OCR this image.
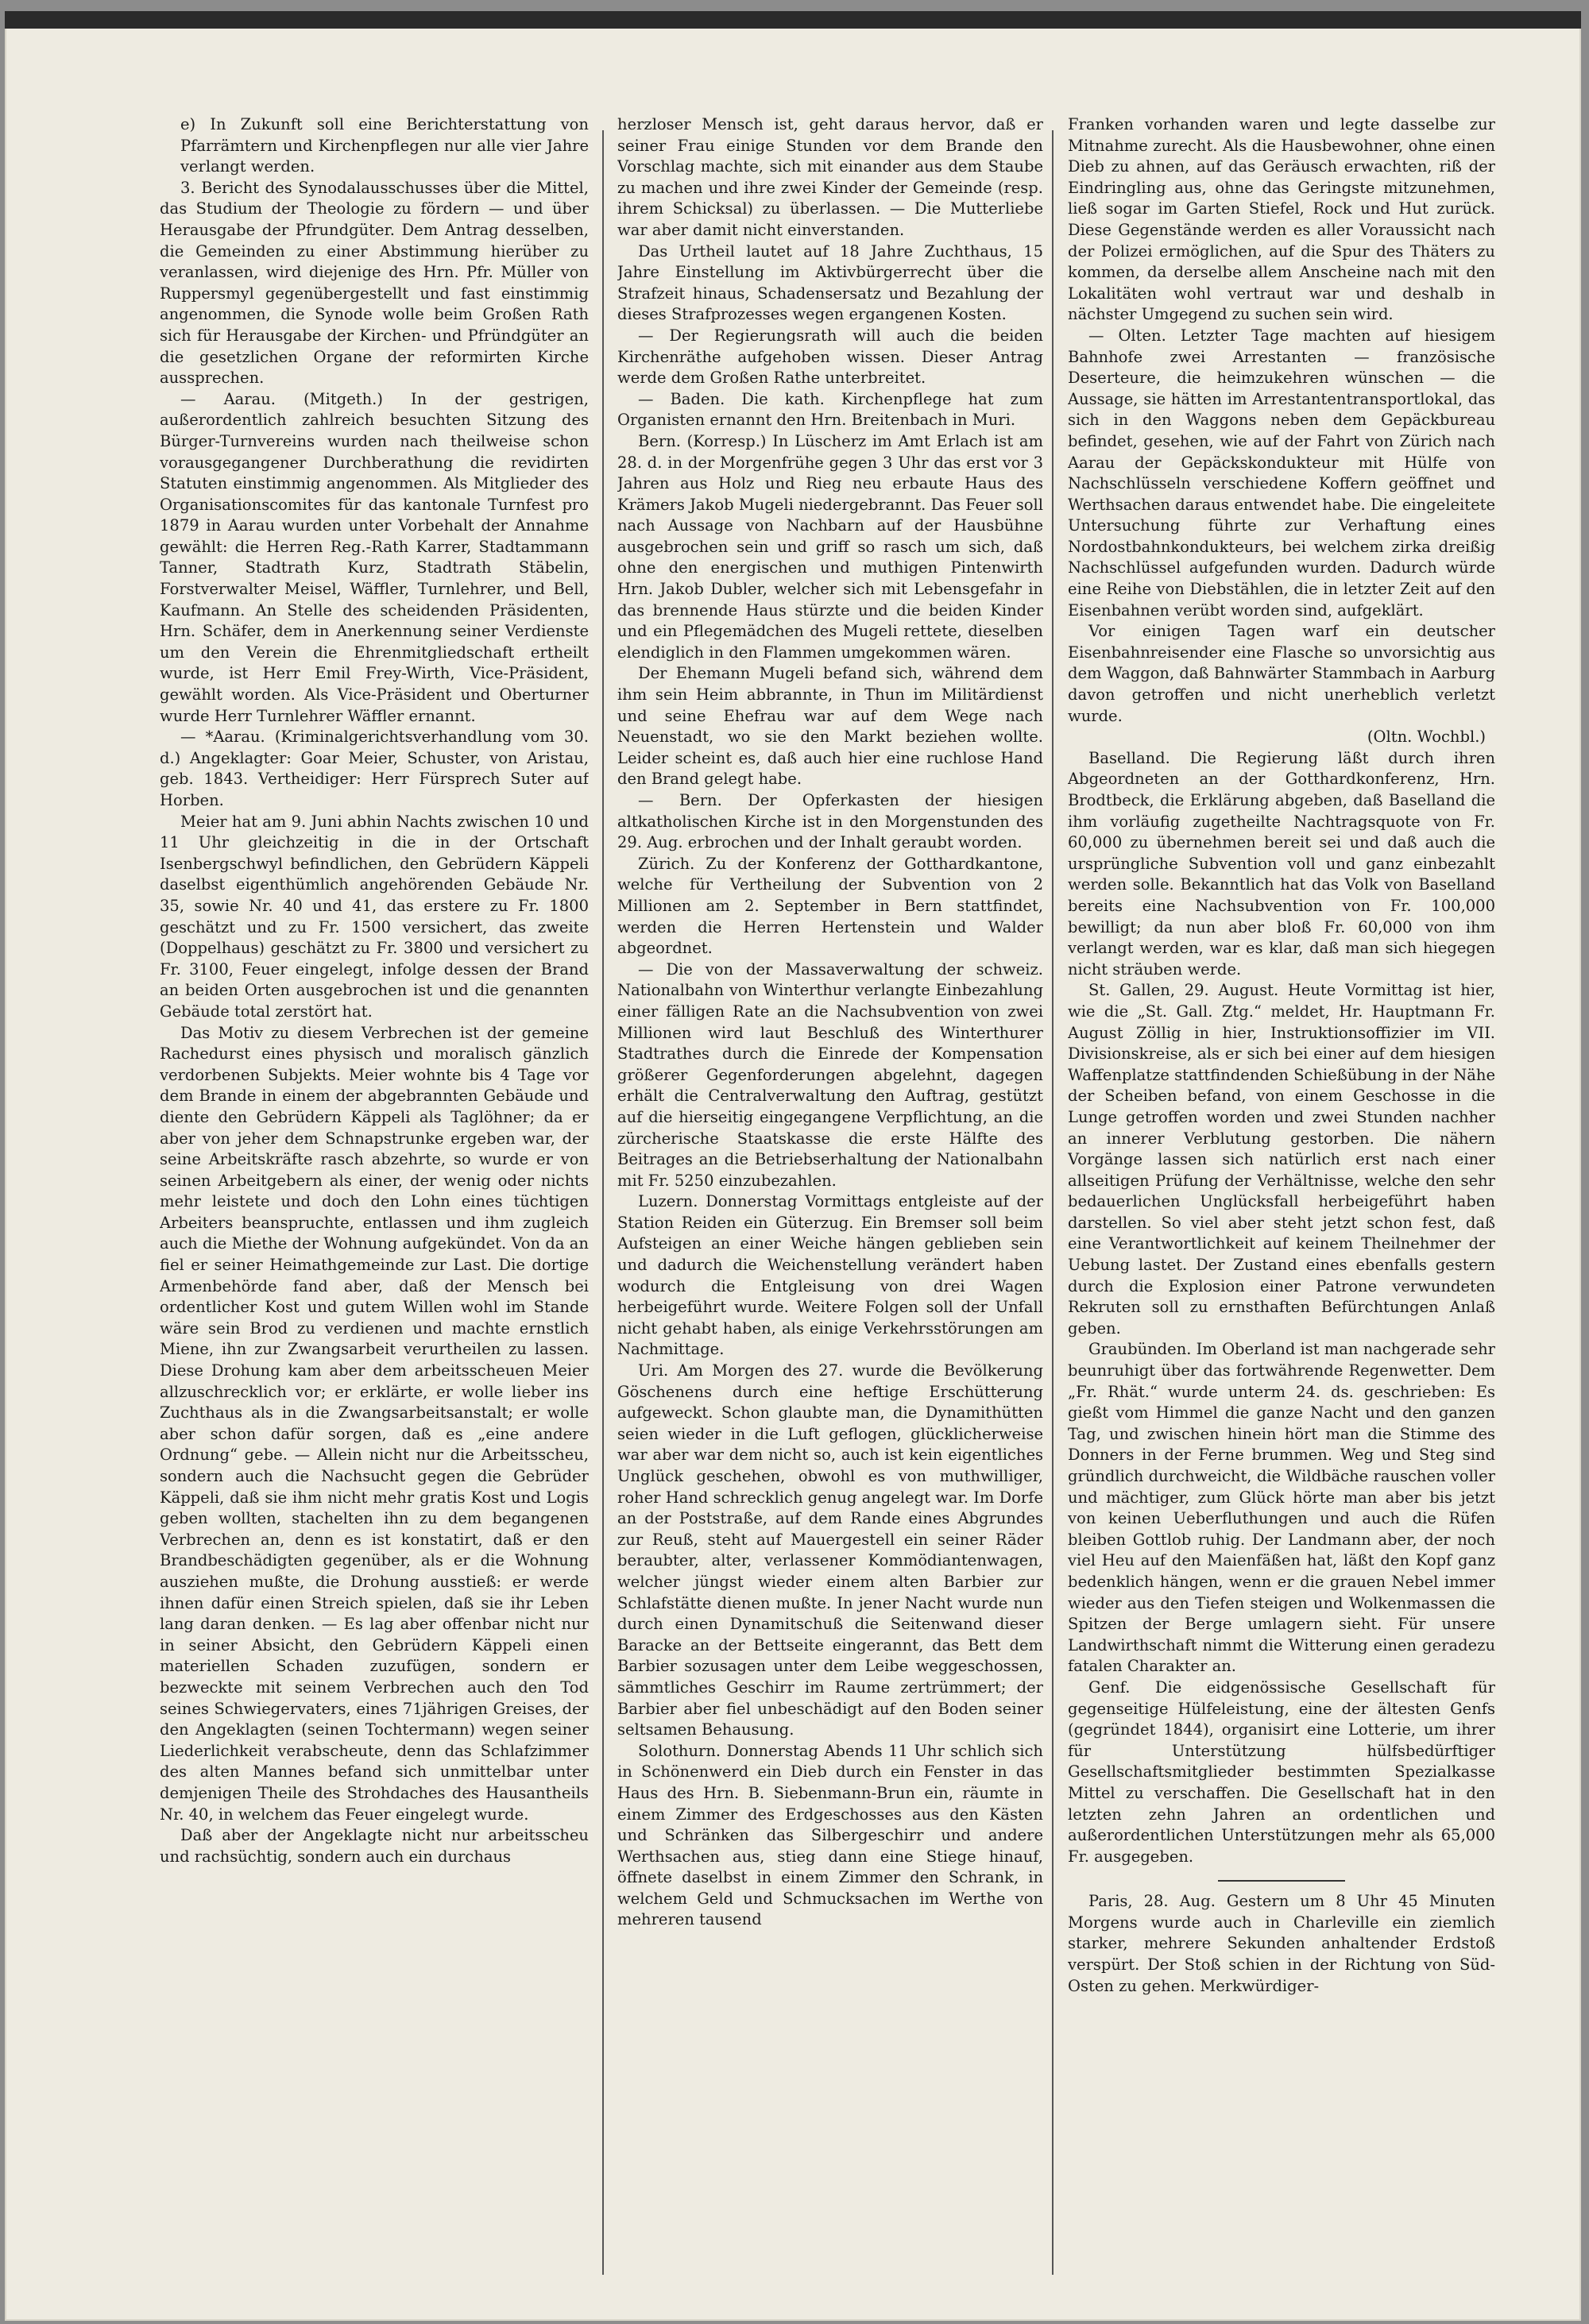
e) In Zukunft soll eine Berichterstattung von Pfarrämtern und Kirchenpflegen nur alle vier Jahre verlangt werden.

3. Bericht des Synodalausschusses über die Mittel, das Studium der Theologie zu fördern — und über Herausgabe der Pfrundgüter. Dem Antrag desselben, die Gemeinden zu einer Abstimmung hierüber zu veranlassen, wird diejenige des Hrn. Pfr. Müller von Ruppersmyl gegenübergestellt und fast einstimmig angenommen, die Synode wolle beim Großen Rath sich für Herausgabe der Kirchen- und Pfründgüter an die gesetzlichen Organe der reformirten Kirche aussprechen.

— Aarau. (Mitgeth.) In der gestrigen, außerordentlich zahlreich besuchten Sitzung des Bürger-Turnvereins wurden nach theilweise schon vorausgegangener Durchberathung die revidirten Statuten einstimmig angenommen. Als Mitglieder des Organisationscomites für das kantonale Turnfest pro 1879 in Aarau wurden unter Vorbehalt der Annahme gewählt: die Herren Reg.-Rath Karrer, Stadtammann Tanner, Stadtrath Kurz, Stadtrath Stäbelin, Forstverwalter Meisel, Wäffler, Turnlehrer, und Bell, Kaufmann. An Stelle des scheidenden Präsidenten, Hrn. Schäfer, dem in Anerkennung seiner Verdienste um den Verein die Ehrenmitgliedschaft ertheilt wurde, ist Herr Emil Frey-Wirth, Vice-Präsident, gewählt worden. Als Vice-Präsident und Oberturner wurde Herr Turnlehrer Wäffler ernannt.

— *Aarau. (Kriminalgerichtsverhandlung vom 30. d.) Angeklagter: Goar Meier, Schuster, von Aristau, geb. 1843. Vertheidiger: Herr Fürsprech Suter auf Horben.

Meier hat am 9. Juni abhin Nachts zwischen 10 und 11 Uhr gleichzeitig in die in der Ortschaft Isenbergschwyl befindlichen, den Gebrüdern Käppeli daselbst eigenthümlich angehörenden Gebäude Nr. 35, sowie Nr. 40 und 41, das erstere zu Fr. 1800 geschätzt und zu Fr. 1500 versichert, das zweite (Doppelhaus) geschätzt zu Fr. 3800 und versichert zu Fr. 3100, Feuer eingelegt, infolge dessen der Brand an beiden Orten ausgebrochen ist und die genannten Gebäude total zerstört hat.

Das Motiv zu diesem Verbrechen ist der gemeine Rachedurst eines physisch und moralisch gänzlich verdorbenen Subjekts. Meier wohnte bis 4 Tage vor dem Brande in einem der abgebrannten Gebäude und diente den Gebrüdern Käppeli als Taglöhner; da er aber von jeher dem Schnapstrunke ergeben war, der seine Arbeitskräfte rasch abzehrte, so wurde er von seinen Arbeitgebern als einer, der wenig oder nichts mehr leistete und doch den Lohn eines tüchtigen Arbeiters beanspruchte, entlassen und ihm zugleich auch die Miethe der Wohnung aufgekündet. Von da an fiel er seiner Heimathgemeinde zur Last. Die dortige Armenbehörde fand aber, daß der Mensch bei ordentlicher Kost und gutem Willen wohl im Stande wäre sein Brod zu verdienen und machte ernstlich Miene, ihn zur Zwangsarbeit verurtheilen zu lassen. Diese Drohung kam aber dem arbeitsscheuen Meier allzuschrecklich vor; er erklärte, er wolle lieber ins Zuchthaus als in die Zwangsarbeitsanstalt; er wolle aber schon dafür sorgen, daß es „eine andere Ordnung“ gebe. — Allein nicht nur die Arbeitsscheu, sondern auch die Nachsucht gegen die Gebrüder Käppeli, daß sie ihm nicht mehr gratis Kost und Logis geben wollten, stachelten ihn zu dem begangenen Verbrechen an, denn es ist konstatirt, daß er den Brandbeschädigten gegenüber, als er die Wohnung ausziehen mußte, die Drohung ausstieß: er werde ihnen dafür einen Streich spielen, daß sie ihr Leben lang daran denken. — Es lag aber offenbar nicht nur in seiner Absicht, den Gebrüdern Käppeli einen materiellen Schaden zuzufügen, sondern er bezweckte mit seinem Verbrechen auch den Tod seines Schwiegervaters, eines 71jährigen Greises, der den Angeklagten (seinen Tochtermann) wegen seiner Liederlichkeit verabscheute, denn das Schlafzimmer des alten Mannes befand sich unmittelbar unter demjenigen Theile des Strohdaches des Hausantheils Nr. 40, in welchem das Feuer eingelegt wurde.

Daß aber der Angeklagte nicht nur arbeitsscheu und rachsüchtig, sondern auch ein durchaus

herzloser Mensch ist, geht daraus hervor, daß er seiner Frau einige Stunden vor dem Brande den Vorschlag machte, sich mit einander aus dem Staube zu machen und ihre zwei Kinder der Gemeinde (resp. ihrem Schicksal) zu überlassen. — Die Mutterliebe war aber damit nicht einverstanden.

Das Urtheil lautet auf 18 Jahre Zuchthaus, 15 Jahre Einstellung im Aktivbürgerrecht über die Strafzeit hinaus, Schadensersatz und Bezahlung der dieses Strafprozesses wegen ergangenen Kosten.

— Der Regierungsrath will auch die beiden Kirchenräthe aufgehoben wissen. Dieser Antrag werde dem Großen Rathe unterbreitet.

— Baden. Die kath. Kirchenpflege hat zum Organisten ernannt den Hrn. Breitenbach in Muri.

Bern. (Korresp.) In Lüscherz im Amt Erlach ist am 28. d. in der Morgenfrühe gegen 3 Uhr das erst vor 3 Jahren aus Holz und Rieg neu erbaute Haus des Krämers Jakob Mugeli niedergebrannt. Das Feuer soll nach Aussage von Nachbarn auf der Hausbühne ausgebrochen sein und griff so rasch um sich, daß ohne den energischen und muthigen Pintenwirth Hrn. Jakob Dubler, welcher sich mit Lebensgefahr in das brennende Haus stürzte und die beiden Kinder und ein Pflegemädchen des Mugeli rettete, dieselben elendiglich in den Flammen umgekommen wären.

Der Ehemann Mugeli befand sich, während dem ihm sein Heim abbrannte, in Thun im Militärdienst und seine Ehefrau war auf dem Wege nach Neuenstadt, wo sie den Markt beziehen wollte. Leider scheint es, daß auch hier eine ruchlose Hand den Brand gelegt habe.

— Bern. Der Opferkasten der hiesigen altkatholischen Kirche ist in den Morgenstunden des 29. Aug. erbrochen und der Inhalt geraubt worden.

Zürich. Zu der Konferenz der Gotthardkantone, welche für Vertheilung der Subvention von 2 Millionen am 2. September in Bern stattfindet, werden die Herren Hertenstein und Walder abgeordnet.

— Die von der Massaverwaltung der schweiz. Nationalbahn von Winterthur verlangte Einbezahlung einer fälligen Rate an die Nachsubvention von zwei Millionen wird laut Beschluß des Winterthurer Stadtrathes durch die Einrede der Kompensation größerer Gegenforderungen abgelehnt, dagegen erhält die Centralverwaltung den Auftrag, gestützt auf die hierseitig eingegangene Verpflichtung, an die zürcherische Staatskasse die erste Hälfte des Beitrages an die Betriebserhaltung der Nationalbahn mit Fr. 5250 einzubezahlen.

Luzern. Donnerstag Vormittags entgleiste auf der Station Reiden ein Güterzug. Ein Bremser soll beim Aufsteigen an einer Weiche hängen geblieben sein und dadurch die Weichenstellung verändert haben wodurch die Entgleisung von drei Wagen herbeigeführt wurde. Weitere Folgen soll der Unfall nicht gehabt haben, als einige Verkehrsstörungen am Nachmittage.

Uri. Am Morgen des 27. wurde die Bevölkerung Göschenens durch eine heftige Erschütterung aufgeweckt. Schon glaubte man, die Dynamithütten seien wieder in die Luft geflogen, glücklicherweise war aber war dem nicht so, auch ist kein eigentliches Unglück geschehen, obwohl es von muthwilliger, roher Hand schrecklich genug angelegt war. Im Dorfe an der Poststraße, auf dem Rande eines Abgrundes zur Reuß, steht auf Mauergestell ein seiner Räder beraubter, alter, verlassener Kommödiantenwagen, welcher jüngst wieder einem alten Barbier zur Schlafstätte dienen mußte. In jener Nacht wurde nun durch einen Dynamitschuß die Seitenwand dieser Baracke an der Bettseite eingerannt, das Bett dem Barbier sozusagen unter dem Leibe weggeschossen, sämmtliches Geschirr im Raume zertrümmert; der Barbier aber fiel unbeschädigt auf den Boden seiner seltsamen Behausung.

Solothurn. Donnerstag Abends 11 Uhr schlich sich in Schönenwerd ein Dieb durch ein Fenster in das Haus des Hrn. B. Siebenmann-Brun ein, räumte in einem Zimmer des Erdgeschosses aus den Kästen und Schränken das Silbergeschirr und andere Werthsachen aus, stieg dann eine Stiege hinauf, öffnete daselbst in einem Zimmer den Schrank, in welchem Geld und Schmucksachen im Werthe von mehreren tausend

Franken vorhanden waren und legte dasselbe zur Mitnahme zurecht. Als die Hausbewohner, ohne einen Dieb zu ahnen, auf das Geräusch erwachten, riß der Eindringling aus, ohne das Geringste mitzunehmen, ließ sogar im Garten Stiefel, Rock und Hut zurück. Diese Gegenstände werden es aller Voraussicht nach der Polizei ermöglichen, auf die Spur des Thäters zu kommen, da derselbe allem Anscheine nach mit den Lokalitäten wohl vertraut war und deshalb in nächster Umgegend zu suchen sein wird.

— Olten. Letzter Tage machten auf hiesigem Bahnhofe zwei Arrestanten — französische Deserteure, die heimzukehren wünschen — die Aussage, sie hätten im Arrestantentransportlokal, das sich in den Waggons neben dem Gepäckbureau befindet, gesehen, wie auf der Fahrt von Zürich nach Aarau der Gepäckskondukteur mit Hülfe von Nachschlüsseln verschiedene Koffern geöffnet und Werthsachen daraus entwendet habe. Die eingeleitete Untersuchung führte zur Verhaftung eines Nordostbahnkondukteurs, bei welchem zirka dreißig Nachschlüssel aufgefunden wurden. Dadurch würde eine Reihe von Diebstählen, die in letzter Zeit auf den Eisenbahnen verübt worden sind, aufgeklärt.

Vor einigen Tagen warf ein deutscher Eisenbahnreisender eine Flasche so unvorsichtig aus dem Waggon, daß Bahnwärter Stammbach in Aarburg davon getroffen und nicht unerheblich verletzt wurde.

(Oltn. Wochbl.)

Baselland. Die Regierung läßt durch ihren Abgeordneten an der Gotthardkonferenz, Hrn. Brodtbeck, die Erklärung abgeben, daß Baselland die ihm vorläufig zugetheilte Nachtragsquote von Fr. 60,000 zu übernehmen bereit sei und daß auch die ursprüngliche Subvention voll und ganz einbezahlt werden solle. Bekanntlich hat das Volk von Baselland bereits eine Nachsubvention von Fr. 100,000 bewilligt; da nun aber bloß Fr. 60,000 von ihm verlangt werden, war es klar, daß man sich hiegegen nicht sträuben werde.

St. Gallen, 29. August. Heute Vormittag ist hier, wie die „St. Gall. Ztg.“ meldet, Hr. Hauptmann Fr. August Zöllig in hier, Instruktionsoffizier im VII. Divisionskreise, als er sich bei einer auf dem hiesigen Waffenplatze stattfindenden Schießübung in der Nähe der Scheiben befand, von einem Geschosse in die Lunge getroffen worden und zwei Stunden nachher an innerer Verblutung gestorben. Die nähern Vorgänge lassen sich natürlich erst nach einer allseitigen Prüfung der Verhältnisse, welche den sehr bedauerlichen Unglücksfall herbeigeführt haben darstellen. So viel aber steht jetzt schon fest, daß eine Verantwortlichkeit auf keinem Theilnehmer der Uebung lastet. Der Zustand eines ebenfalls gestern durch die Explosion einer Patrone verwundeten Rekruten soll zu ernsthaften Befürchtungen Anlaß geben.

Graubünden. Im Oberland ist man nachgerade sehr beunruhigt über das fortwährende Regenwetter. Dem „Fr. Rhät.“ wurde unterm 24. ds. geschrieben: Es gießt vom Himmel die ganze Nacht und den ganzen Tag, und zwischen hinein hört man die Stimme des Donners in der Ferne brummen. Weg und Steg sind gründlich durchweicht, die Wildbäche rauschen voller und mächtiger, zum Glück hörte man aber bis jetzt von keinen Ueberfluthungen und auch die Rüfen bleiben Gottlob ruhig. Der Landmann aber, der noch viel Heu auf den Maienfäßen hat, läßt den Kopf ganz bedenklich hängen, wenn er die grauen Nebel immer wieder aus den Tiefen steigen und Wolkenmassen die Spitzen der Berge umlagern sieht. Für unsere Landwirthschaft nimmt die Witterung einen geradezu fatalen Charakter an.

Genf. Die eidgenössische Gesellschaft für gegenseitige Hülfeleistung, eine der ältesten Genfs (gegründet 1844), organisirt eine Lotterie, um ihrer für Unterstützung hülfsbedürftiger Gesellschaftsmitglieder bestimmten Spezialkasse Mittel zu verschaffen. Die Gesellschaft hat in den letzten zehn Jahren an ordentlichen und außerordentlichen Unterstützungen mehr als 65,000 Fr. ausgegeben.

Paris, 28. Aug. Gestern um 8 Uhr 45 Minuten Morgens wurde auch in Charleville ein ziemlich starker, mehrere Sekunden anhaltender Erdstoß verspürt. Der Stoß schien in der Richtung von Süd-Osten zu gehen. Merkwürdiger-
